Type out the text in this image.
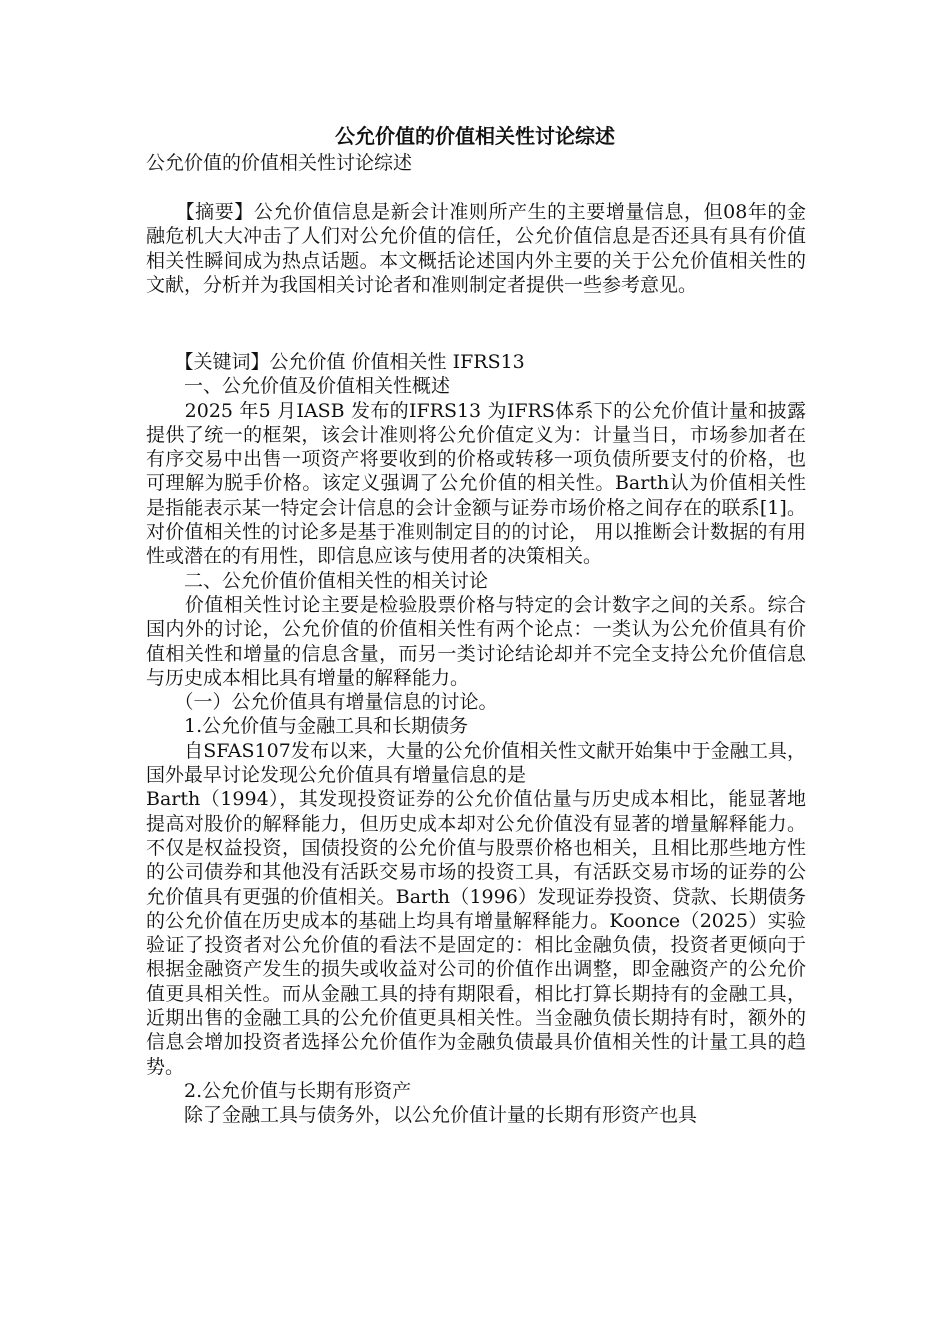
公允价值的价值相关性讨论综述
公允价值的价值相关性讨论综述
　　【摘要】公允价值信息是新会计准则所产生的主要增量信息，但08年的金融危机大大冲击了人们对公允价值的信任，公允价值信息是否还具有具有价值相关性瞬间成为热点话题。本文概括论述国内外主要的关于公允价值相关性的文献，分析并为我国相关讨论者和准则制定者提供一些参考意见。
　　【关键词】公允价值 价值相关性 IFRS13
　　一、公允价值及价值相关性概述
　　2025 年5 月IASB 发布的IFRS13 为IFRS体系下的公允价值计量和披露提供了统一的框架，该会计准则将公允价值定义为：计量当日，市场参加者在有序交易中出售一项资产将要收到的价格或转移一项负债所要支付的价格，也可理解为脱手价格。该定义强调了公允价值的相关性。Barth认为价值相关性是指能表示某一特定会计信息的会计金额与证券市场价格之间存在的联系[1]。对价值相关性的讨论多是基于准则制定目的的讨论， 用以推断会计数据的有用性或潜在的有用性，即信息应该与使用者的决策相关。
　　二、公允价值价值相关性的相关讨论
　　价值相关性讨论主要是检验股票价格与特定的会计数字之间的关系。综合国内外的讨论，公允价值的价值相关性有两个论点：一类认为公允价值具有价值相关性和增量的信息含量，而另一类讨论结论却并不完全支持公允价值信息与历史成本相比具有增量的解释能力。
　　（一）公允价值具有增量信息的讨论。
　　1.公允价值与金融工具和长期债务
　　自SFAS107发布以来，大量的公允价值相关性文献开始集中于金融工具，国外最早讨论发现公允价值具有增量信息的是
Barth（1994），其发现投资证券的公允价值估量与历史成本相比，能显著地提高对股价的解释能力，但历史成本却对公允价值没有显著的增量解释能力。不仅是权益投资，国债投资的公允价值与股票价格也相关，且相比那些地方性的公司债券和其他没有活跃交易市场的投资工具，有活跃交易市场的证券的公允价值具有更强的价值相关。Barth（1996）发现证券投资、贷款、长期债务的公允价值在历史成本的基础上均具有增量解释能力。Koonce（2025）实验验证了投资者对公允价值的看法不是固定的：相比金融负债，投资者更倾向于根据金融资产发生的损失或收益对公司的价值作出调整，即金融资产的公允价值更具相关性。而从金融工具的持有期限看，相比打算长期持有的金融工具，近期出售的金融工具的公允价值更具相关性。当金融负债长期持有时，额外的信息会增加投资者选择公允价值作为金融负债最具价值相关性的计量工具的趋势。
　　2.公允价值与长期有形资产
　　除了金融工具与债务外，以公允价值计量的长期有形资产也具
